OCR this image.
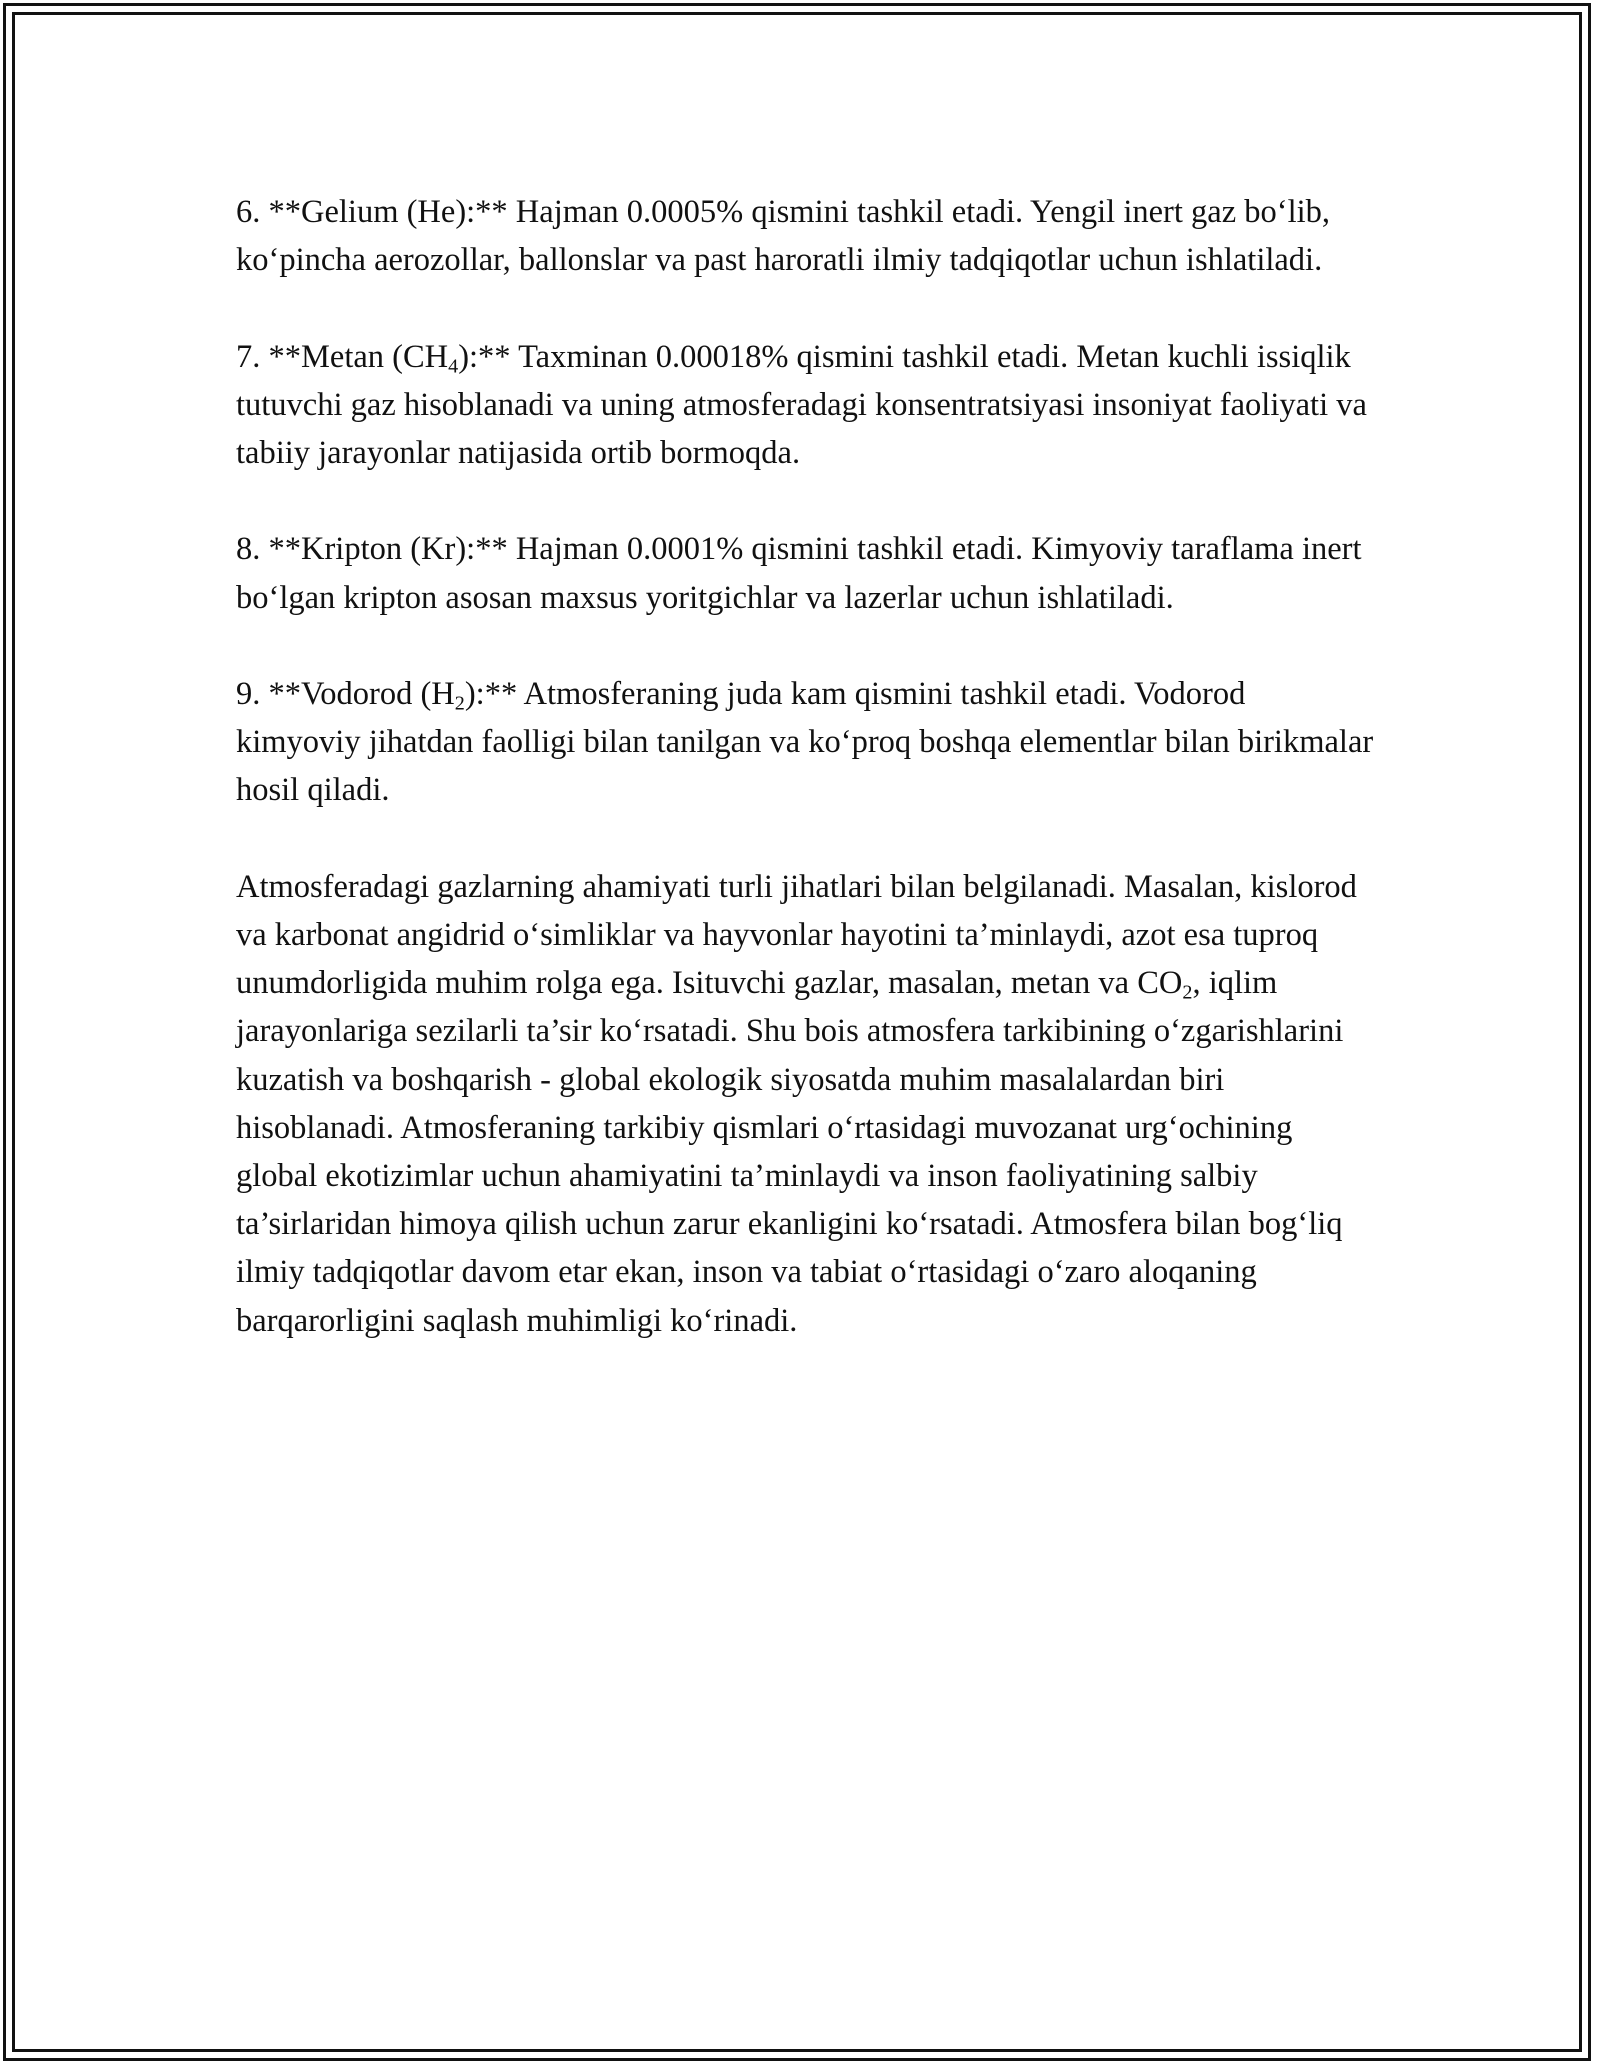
6. **Gelium (He):** Hajman 0.0005% qismini tashkil etadi. Yengil inert gaz bo‘lib, ko‘pincha aerozollar, ballonslar va past haroratli ilmiy tadqiqotlar uchun ishlatiladi.

7. **Metan $(CH_4):**$ Taxminan 0.00018% qismini tashkil etadi. Metan kuchli issiqlik tutuvchi gaz hisoblanadi va uning atmosferadagi konsentratsiyasi insoniyat faoliyati va tabiiy jarayonlar natijasida ortib bormoqda.

8. **Kripton (Kr):** Hajman 0.0001% qismini tashkil etadi. Kimyoviy taraflama inert bo‘lgan kripton asosan maxsus yoritgichlar va lazerlar uchun ishlatiladi.

9. **Vodorod $(H_2):**$ Atmosferaning juda kam qismini tashkil etadi. Vodorod kimyoviy jihatdan faolligi bilan tanilgan va ko‘proq boshqa elementlar bilan birikmalar hosil qiladi.

Atmosferadagi gazlarning ahamiyati turli jihatlari bilan belgilanadi. Masalan, kislorod va karbonat angidrid o‘simliklar va hayvonlar hayotini ta’minlaydi, azot esa tuproq unumdorligida muhim rolga ega. Isituvchi gazlar, masalan, metan va $CO_2$, iqlim jarayonlariga sezilarli ta’sir ko‘rsatadi. Shu bois atmosfera tarkibining o‘zgarishlarini kuzatish va boshqarish - global ekologik siyosatda muhim masalalardan biri hisoblanadi. Atmosferaning tarkibiy qismlari o‘rtasidagi muvozanat urg‘ochining global ekotizimlar uchun ahamiyatini ta’minlaydi va inson faoliyatining salbiy ta’sirlaridan himoya qilish uchun zarur ekanligini ko‘rsatadi. Atmosfera bilan bog‘liq ilmiy tadqiqotlar davom etar ekan, inson va tabiat o‘rtasidagi o‘zaro aloqaning barqarorligini saqlash muhimligi ko‘rinadi.
